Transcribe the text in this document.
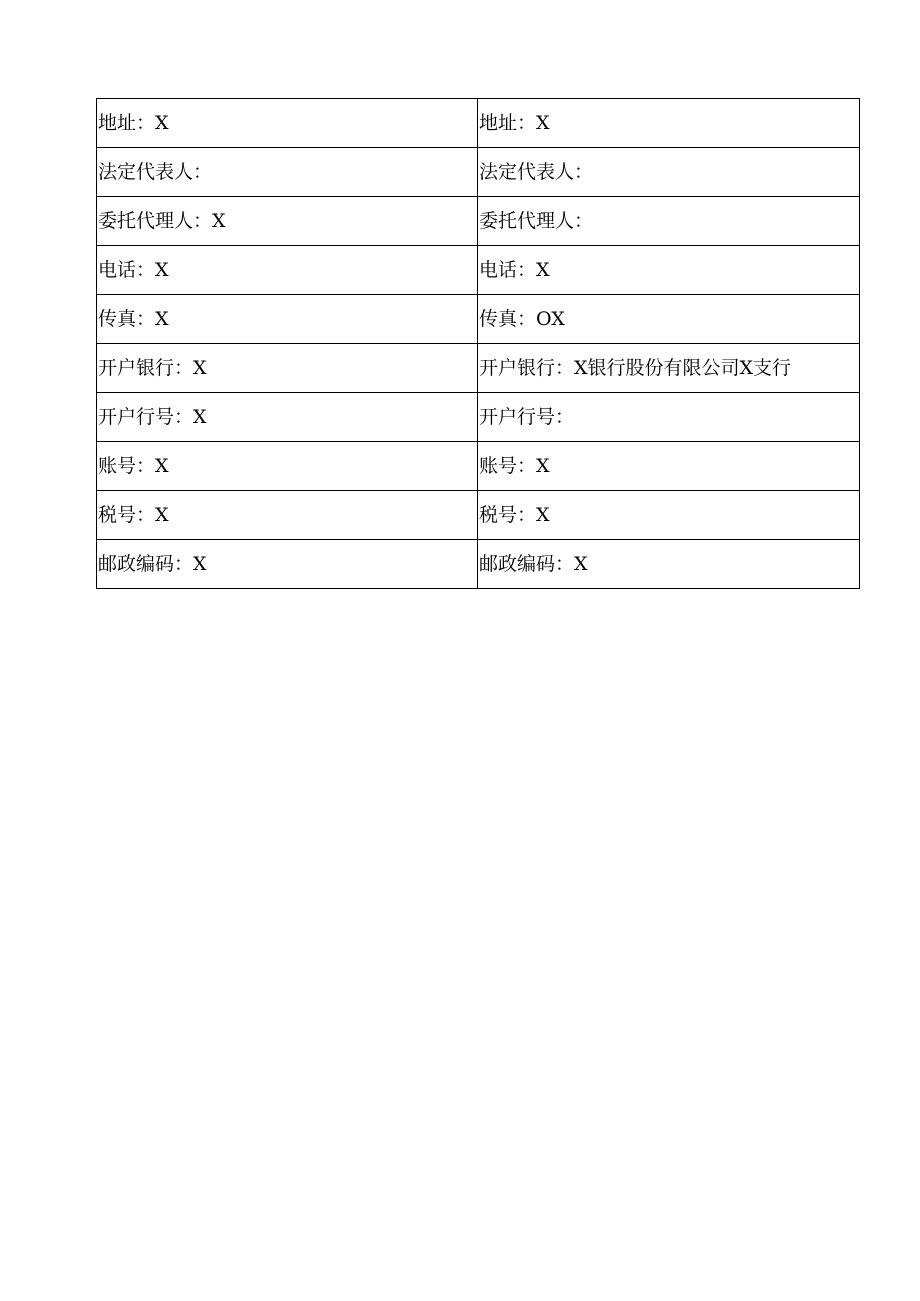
地址：X	地址：X
法定代表人：	法定代表人：
委托代理人：X	委托代理人：
电话：X	电话：X
传真：X	传真：OX
开户银行：X	开户银行：X银行股份有限公司X支行
开户行号：X	开户行号：
账号：X	账号：X
税号：X	税号：X
邮政编码：X	邮政编码：X
